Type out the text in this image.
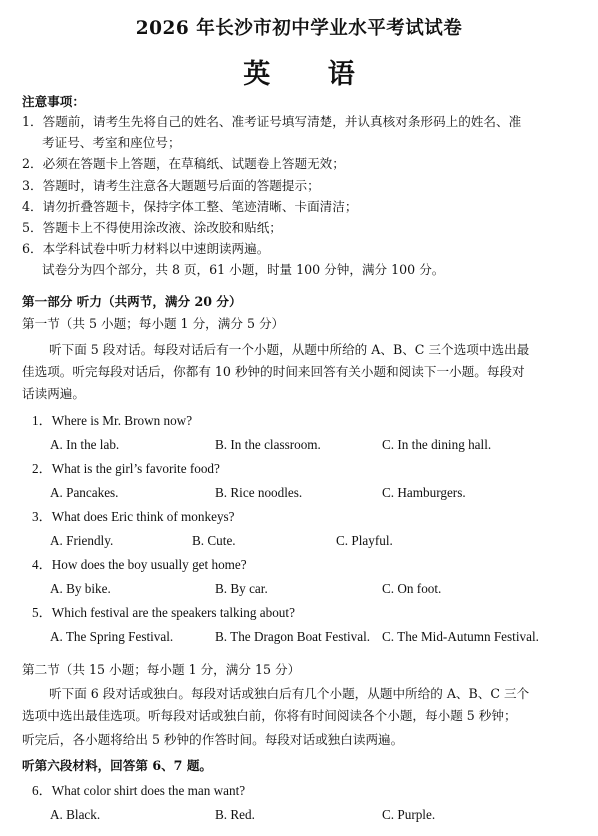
2026 年长沙市初中学业水平考试试卷
英 语
注意事项：
1．答题前，请考生先将自己的姓名、准考证号填写清楚，并认真核对条形码上的姓名、准
考证号、考室和座位号；
2．必须在答题卡上答题，在草稿纸、试题卷上答题无效；
3．答题时，请考生注意各大题题号后面的答题提示；
4．请勿折叠答题卡，保持字体工整、笔迹清晰、卡面清洁；
5．答题卡上不得使用涂改液、涂改胶和贴纸；
6．本学科试卷中听力材料以中速朗读两遍。
试卷分为四个部分，共 8 页，61 小题，时量 100 分钟，满分 100 分。
第一部分 听力（共两节，满分 20 分）
第一节（共 5 小题；每小题 1 分，满分 5 分）
听下面 5 段对话。每段对话后有一个小题，从题中所给的 A、B、C 三个选项中选出最
佳选项。听完每段对话后，你都有 10 秒钟的时间来回答有关小题和阅读下一小题。每段对
话读两遍。
1．Where is Mr. Brown now?
A. In the lab.	B. In the classroom.	C. In the dining hall.
2．What is the girl’s favorite food?
A. Pancakes.	B. Rice noodles.	C. Hamburgers.
3．What does Eric think of monkeys?
A. Friendly.	B. Cute.	C. Playful.
4．How does the boy usually get home?
A. By bike.	B. By car.	C. On foot.
5．Which festival are the speakers talking about?
A. The Spring Festival.	B. The Dragon Boat Festival. C. The Mid-Autumn Festival.
第二节（共 15 小题；每小题 1 分，满分 15 分）
听下面 6 段对话或独白。每段对话或独白后有几个小题，从题中所给的 A、B、C 三个
选项中选出最佳选项。听每段对话或独白前，你将有时间阅读各个小题，每小题 5 秒钟；
听完后，各小题将给出 5 秒钟的作答时间。每段对话或独白读两遍。
听第六段材料，回答第 6、7 题。
6．What color shirt does the man want?
A. Black.	B. Red.	C. Purple.
